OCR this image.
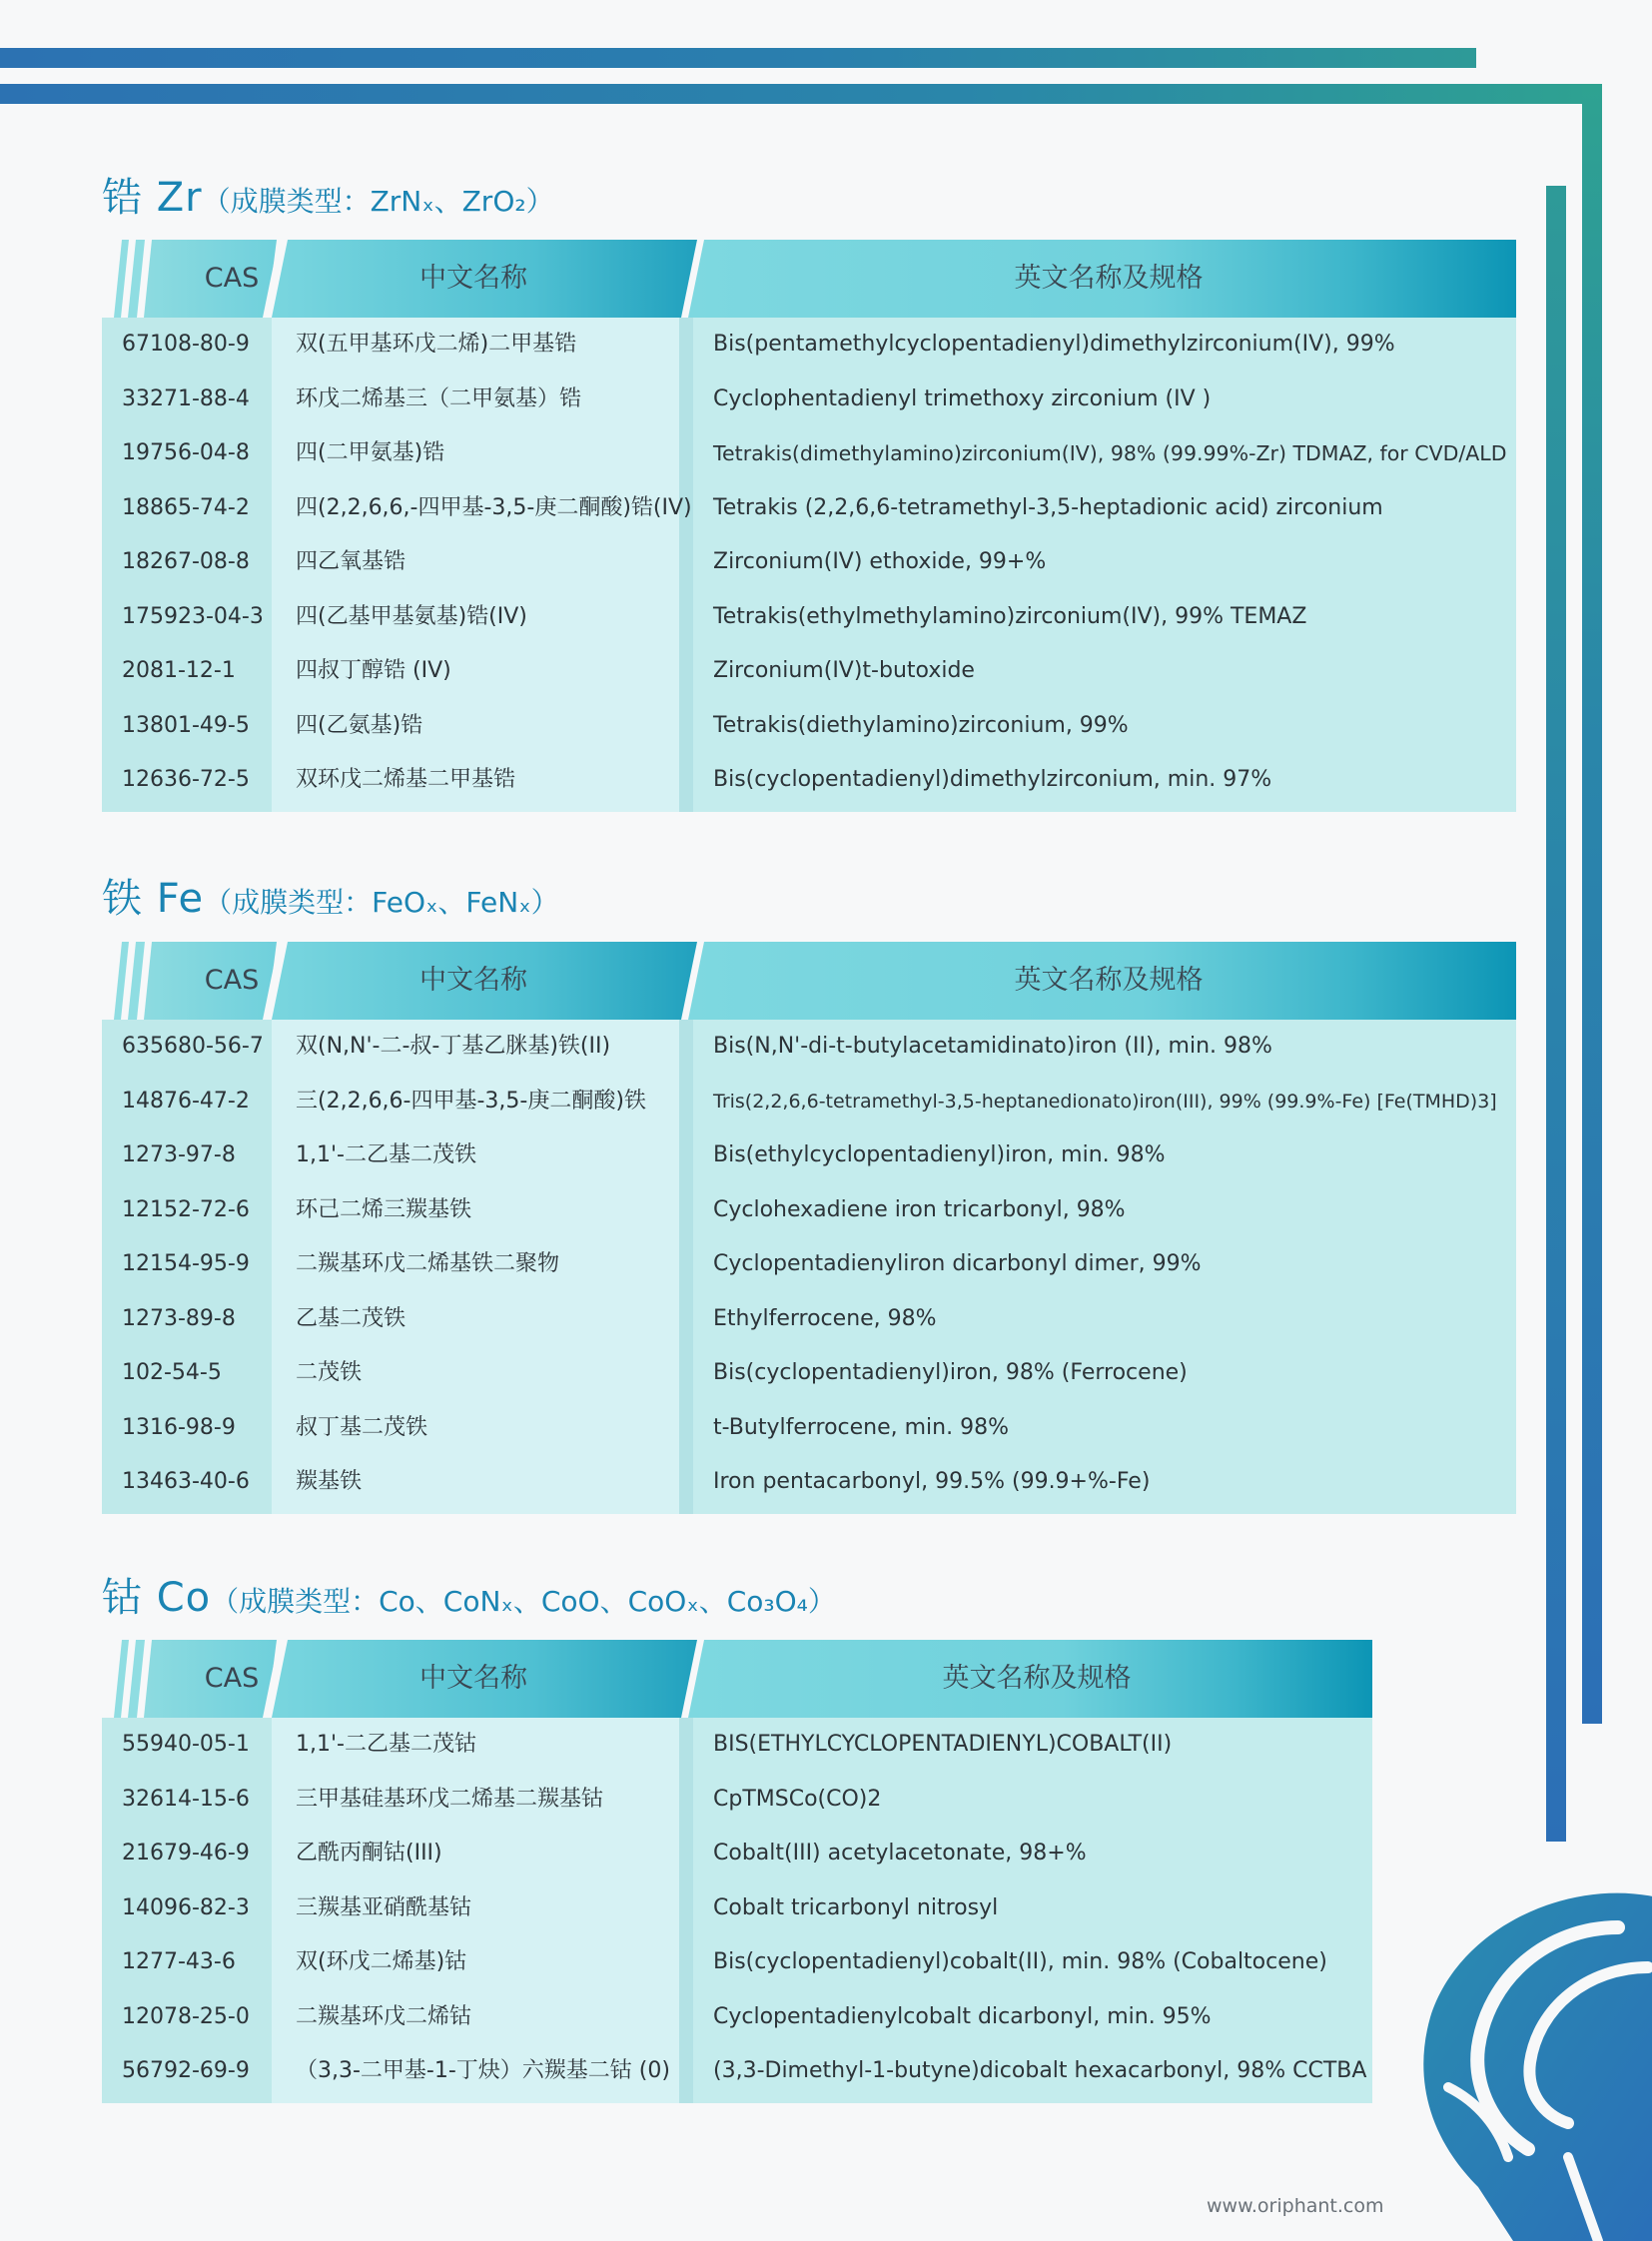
锆 Zr（成膜类型：ZrNₓ、ZrO₂）
CAS	中文名称	英文名称及规格
67108-80-9 双(五甲基环戊二烯)二甲基锆	Bis(pentamethylcyclopentadienyl)dimethylzirconium(IV), 99%
33271-88-4 环戊二烯基三（二甲氨基）锆	Cyclophentadienyl trimethoxy zirconium (IV )
19756-04-8 四(二甲氨基)锆	Tetrakis(dimethylamino)zirconium(IV), 98% (99.99%-Zr) TDMAZ, for CVD/ALD
18865-74-2 四(2,2,6,6,-四甲基-3,5-庚二酮酸)锆(IV) Tetrakis (2,2,6,6-tetramethyl-3,5-heptadionic acid) zirconium
18267-08-8 四乙氧基锆	Zirconium(IV) ethoxide, 99+%
175923-04-3 四(乙基甲基氨基)锆(IV)	Tetrakis(ethylmethylamino)zirconium(IV), 99% TEMAZ
2081-12-1	四叔丁醇锆 (IV)	Zirconium(IV)t-butoxide
13801-49-5 四(乙氨基)锆	Tetrakis(diethylamino)zirconium, 99%
12636-72-5 双环戊二烯基二甲基锆	Bis(cyclopentadienyl)dimethylzirconium, min. 97%
铁 Fe（成膜类型：FeOₓ、FeNₓ）
CAS	中文名称	英文名称及规格
635680-56-7 双(N,N'-二-叔-丁基乙脒基)铁(II)	Bis(N,N'-di-t-butylacetamidinato)iron (II), min. 98%
14876-47-2 三(2,2,6,6-四甲基-3,5-庚二酮酸)铁	Tris(2,2,6,6-tetramethyl-3,5-heptanedionato)iron(III), 99% (99.9%-Fe) [Fe(TMHD)3]
1273-97-8	1,1'-二乙基二茂铁	Bis(ethylcyclopentadienyl)iron, min. 98%
12152-72-6 环己二烯三羰基铁	Cyclohexadiene iron tricarbonyl, 98%
12154-95-9 二羰基环戊二烯基铁二聚物	Cyclopentadienyliron dicarbonyl dimer, 99%
1273-89-8	乙基二茂铁	Ethylferrocene, 98%
102-54-5	二茂铁	Bis(cyclopentadienyl)iron, 98% (Ferrocene)
1316-98-9	叔丁基二茂铁	t-Butylferrocene, min. 98%
13463-40-6 羰基铁	Iron pentacarbonyl, 99.5% (99.9+%-Fe)
钴 Co（成膜类型：Co、CoNₓ、CoO、CoOₓ、Co₃O₄）
CAS	中文名称	英文名称及规格
55940-05-1 1,1'-二乙基二茂钴	BIS(ETHYLCYCLOPENTADIENYL)COBALT(II)
32614-15-6 三甲基硅基环戊二烯基二羰基钴	CpTMSCo(CO)2
21679-46-9 乙酰丙酮钴(III)	Cobalt(III) acetylacetonate, 98+%
14096-82-3 三羰基亚硝酰基钴	Cobalt tricarbonyl nitrosyl
1277-43-6	双(环戊二烯基)钴	Bis(cyclopentadienyl)cobalt(II), min. 98% (Cobaltocene)
12078-25-0 二羰基环戊二烯钴	Cyclopentadienylcobalt dicarbonyl, min. 95%
56792-69-9 （3,3-二甲基-1-丁炔）六羰基二钴 (0) (3,3-Dimethyl-1-butyne)dicobalt hexacarbonyl, 98% CCTBA
www.oriphant.com
